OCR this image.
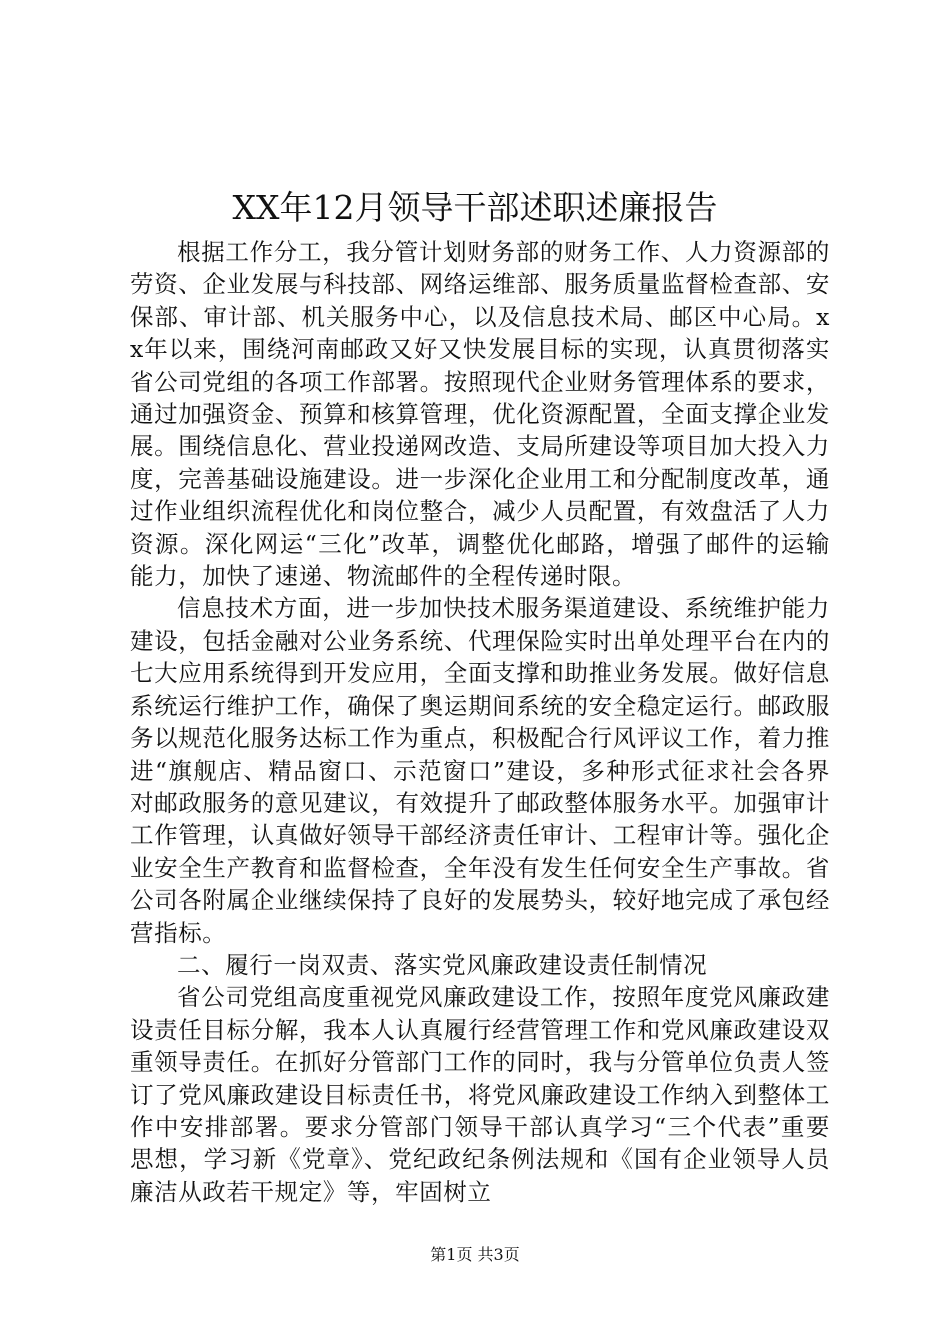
XX年12月领导干部述职述廉报告

根据工作分工，我分管计划财务部的财务工作、人力资源部的劳资、企业发展与科技部、网络运维部、服务质量监督检查部、安保部、审计部、机关服务中心，以及信息技术局、邮区中心局。xx年以来，围绕河南邮政又好又快发展目标的实现，认真贯彻落实省公司党组的各项工作部署。按照现代企业财务管理体系的要求，通过加强资金、预算和核算管理，优化资源配置，全面支撑企业发展。围绕信息化、营业投递网改造、支局所建设等项目加大投入力度，完善基础设施建设。进一步深化企业用工和分配制度改革，通过作业组织流程优化和岗位整合，减少人员配置，有效盘活了人力资源。深化网运“三化”改革，调整优化邮路，增强了邮件的运输能力，加快了速递、物流邮件的全程传递时限。

信息技术方面，进一步加快技术服务渠道建设、系统维护能力建设，包括金融对公业务系统、代理保险实时出单处理平台在内的七大应用系统得到开发应用，全面支撑和助推业务发展。做好信息系统运行维护工作，确保了奥运期间系统的安全稳定运行。邮政服务以规范化服务达标工作为重点，积极配合行风评议工作，着力推进“旗舰店、精品窗口、示范窗口”建设，多种形式征求社会各界对邮政服务的意见建议，有效提升了邮政整体服务水平。加强审计工作管理，认真做好领导干部经济责任审计、工程审计等。强化企业安全生产教育和监督检查，全年没有发生任何安全生产事故。省公司各附属企业继续保持了良好的发展势头，较好地完成了承包经营指标。

二、履行一岗双责、落实党风廉政建设责任制情况

省公司党组高度重视党风廉政建设工作，按照年度党风廉政建设责任目标分解，我本人认真履行经营管理工作和党风廉政建设双重领导责任。在抓好分管部门工作的同时，我与分管单位负责人签订了党风廉政建设目标责任书，将党风廉政建设工作纳入到整体工作中安排部署。要求分管部门领导干部认真学习“三个代表”重要思想，学习新《党章》、党纪政纪条例法规和《国有企业领导人员廉洁从政若干规定》等，牢固树立

第1页 共3页
